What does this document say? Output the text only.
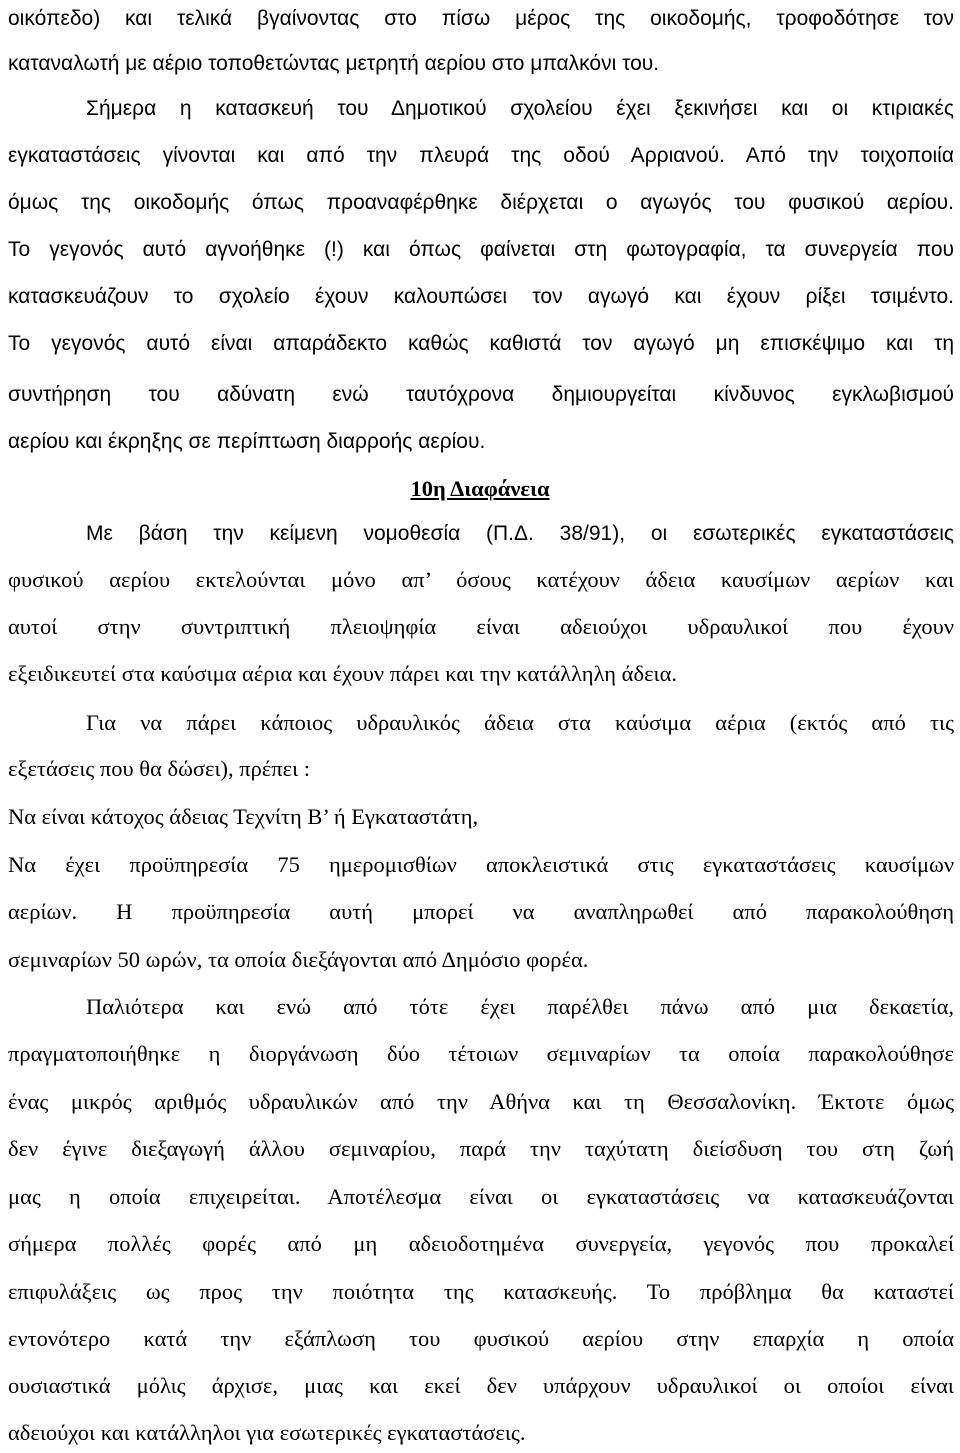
οικόπεδο) και τελικά βγαίνοντας στο πίσω μέρος της οικοδομής, τροφοδότησε τον
καταναλωτή με αέριο τοποθετώντας μετρητή αερίου στο μπαλκόνι του.
Σήμερα η κατασκευή του Δημοτικού σχολείου έχει ξεκινήσει και οι κτιριακές
εγκαταστάσεις γίνονται και από την πλευρά της οδού Αρριανού. Από την τοιχοποιία
όμως της οικοδομής όπως προαναφέρθηκε διέρχεται ο αγωγός του φυσικού αερίου.
Το γεγονός αυτό αγνοήθηκε (!) και όπως φαίνεται στη φωτογραφία, τα συνεργεία που
κατασκευάζουν το σχολείο έχουν καλουπώσει τον αγωγό και έχουν ρίξει τσιμέντο.
Το γεγονός αυτό είναι απαράδεκτο καθώς καθιστά τον αγωγό μη επισκέψιμο και τη
συντήρηση του αδύνατη ενώ ταυτόχρονα δημιουργείται κίνδυνος εγκλωβισμού
αερίου και έκρηξης σε περίπτωση διαρροής αερίου.
10η Διαφάνεια
Με βάση την κείμενη νομοθεσία (Π.Δ. 38/91), οι εσωτερικές εγκαταστάσεις
φυσικού αερίου εκτελούνται μόνο απ’ όσους κατέχουν άδεια καυσίμων αερίων και
αυτοί στην συντριπτική πλειοψηφία είναι αδειούχοι υδραυλικοί που έχουν
εξειδικευτεί στα καύσιμα αέρια και έχουν πάρει και την κατάλληλη άδεια.
Για να πάρει κάποιος υδραυλικός άδεια στα καύσιμα αέρια (εκτός από τις
εξετάσεις που θα δώσει), πρέπει :
Να είναι κάτοχος άδειας Τεχνίτη Β’ ή Εγκαταστάτη,
Να έχει προϋπηρεσία 75 ημερομισθίων αποκλειστικά στις εγκαταστάσεις καυσίμων
αερίων. Η προϋπηρεσία αυτή μπορεί να αναπληρωθεί από παρακολούθηση
σεμιναρίων 50 ωρών, τα οποία διεξάγονται από Δημόσιο φορέα.
Παλιότερα και ενώ από τότε έχει παρέλθει πάνω από μια δεκαετία,
πραγματοποιήθηκε η διοργάνωση δύο τέτοιων σεμιναρίων τα οποία παρακολούθησε
ένας μικρός αριθμός υδραυλικών από την Αθήνα και τη Θεσσαλονίκη. Έκτοτε όμως
δεν έγινε διεξαγωγή άλλου σεμιναρίου, παρά την ταχύτατη διείσδυση του στη ζωή
μας η οποία επιχειρείται. Αποτέλεσμα είναι οι εγκαταστάσεις να κατασκευάζονται
σήμερα πολλές φορές από μη αδειοδοτημένα συνεργεία, γεγονός που προκαλεί
επιφυλάξεις ως προς την ποιότητα της κατασκευής. Το πρόβλημα θα καταστεί
εντονότερο κατά την εξάπλωση του φυσικού αερίου στην επαρχία η οποία
ουσιαστικά μόλις άρχισε, μιας και εκεί δεν υπάρχουν υδραυλικοί οι οποίοι είναι
αδειούχοι και κατάλληλοι για εσωτερικές εγκαταστάσεις.
